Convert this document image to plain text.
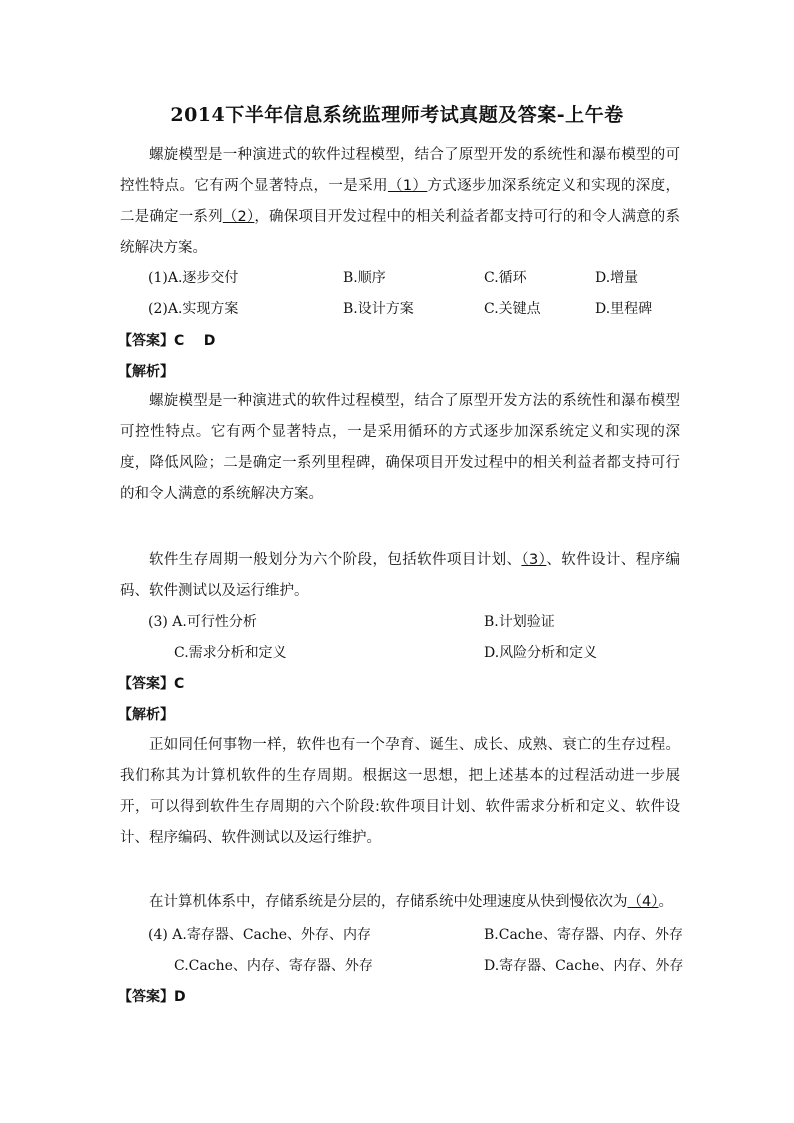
2014下半年信息系统监理师考试真题及答案-上午卷

螺旋模型是一种演进式的软件过程模型，结合了原型开发的系统性和瀑布模型的可控性特点。它有两个显著特点，一是采用（1）方式逐步加深系统定义和实现的深度，二是确定一系列（2），确保项目开发过程中的相关利益者都支持可行的和令人满意的系统解决方案。

(1)A.逐步交付	B.顺序	C.循环	D.增量
(2)A.实现方案	B.设计方案	C.关键点	D.里程碑
【答案】C    D
【解析】

螺旋模型是一种演进式的软件过程模型，结合了原型开发方法的系统性和瀑布模型可控性特点。它有两个显著特点，一是采用循环的方式逐步加深系统定义和实现的深度，降低风险；二是确定一系列里程碑，确保项目开发过程中的相关利益者都支持可行的和令人满意的系统解决方案。

软件生存周期一般划分为六个阶段，包括软件项目计划、（3）、软件设计、程序编码、软件测试以及运行维护。

(3) A.可行性分析	B.计划验证
C.需求分析和定义	D.风险分析和定义
【答案】C
【解析】

正如同任何事物一样，软件也有一个孕育、诞生、成长、成熟、衰亡的生存过程。我们称其为计算机软件的生存周期。根据这一思想，把上述基本的过程活动进一步展开，可以得到软件生存周期的六个阶段:软件项目计划、软件需求分析和定义、软件设计、程序编码、软件测试以及运行维护。

在计算机体系中，存储系统是分层的，存储系统中处理速度从快到慢依次为（4）。

(4) A.寄存器、Cache、外存、内存	B.Cache、寄存器、内存、外存
C.Cache、内存、寄存器、外存	D.寄存器、Cache、内存、外存
【答案】D
